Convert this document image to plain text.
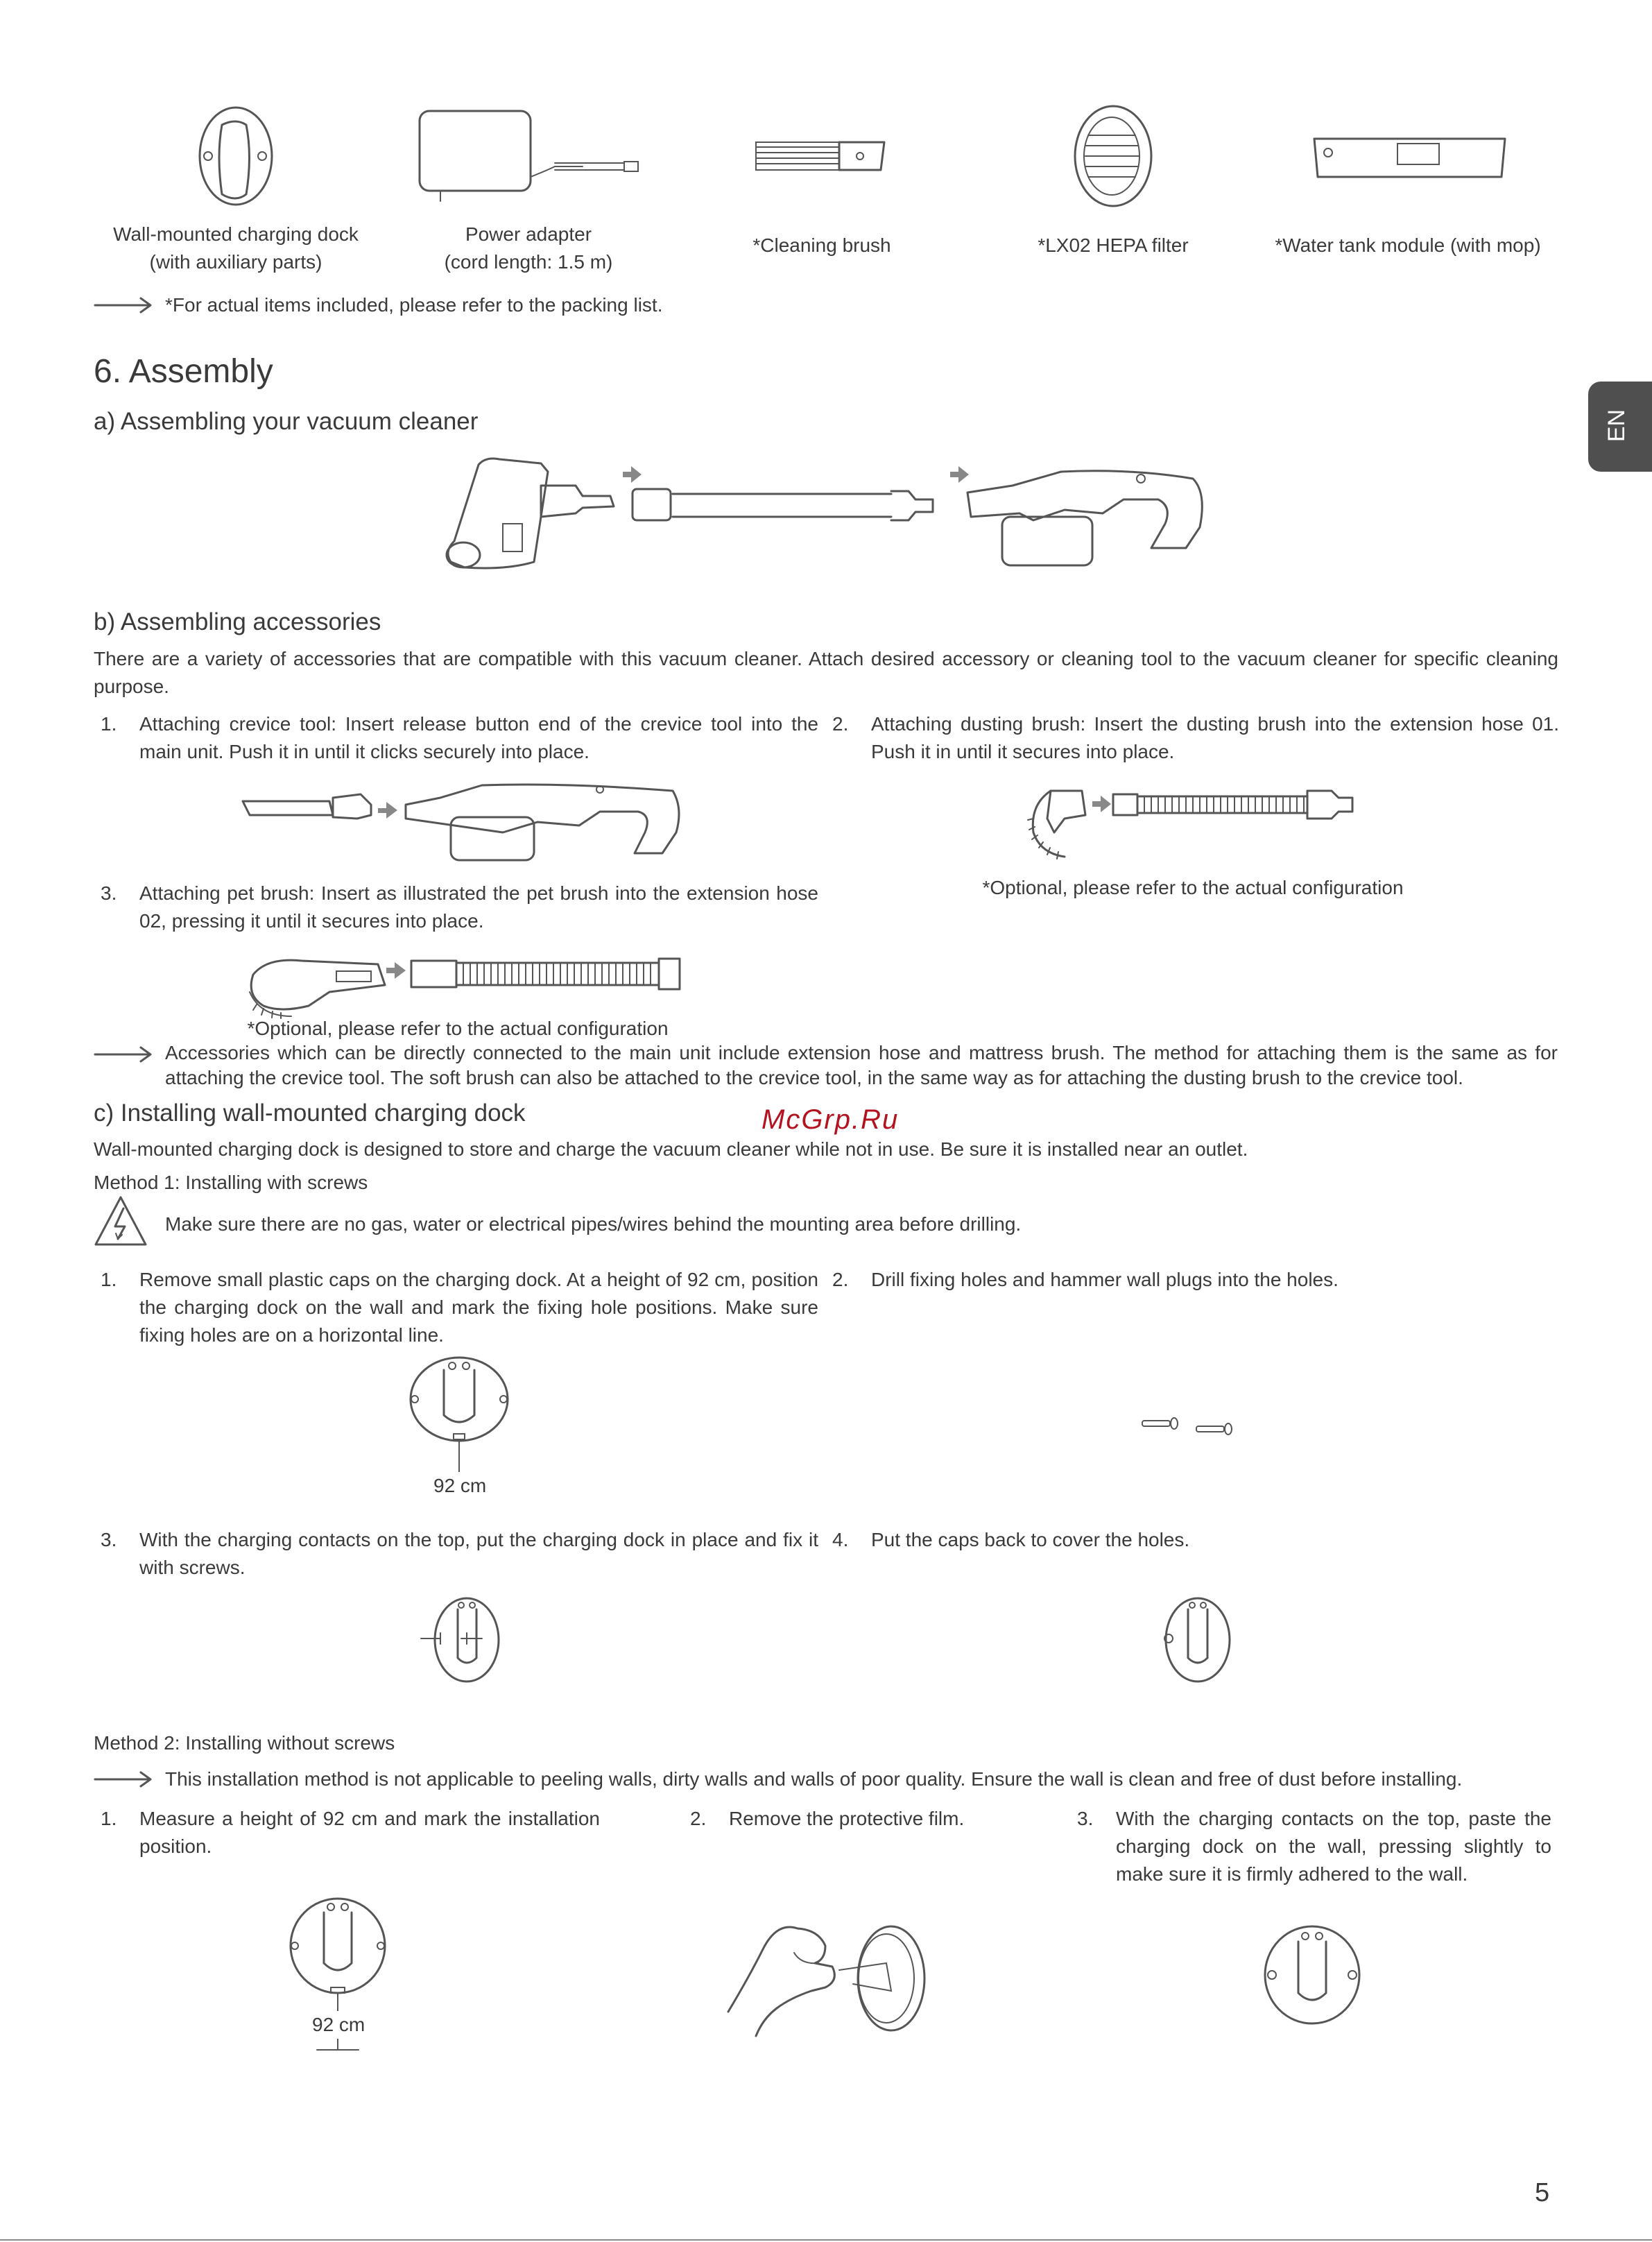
Wall-mounted charging dock
(with auxiliary parts)
Power adapter
(cord length: 1.5 m)
*Cleaning brush	*LX02 HEPA filter	*Water tank module (with mop)
*For actual items included, please refer to the packing list.
EN
6. Assembly
a) Assembling your vacuum cleaner
b) Assembling accessories
There are a variety of accessories that are compatible with this vacuum cleaner. Attach desired accessory or cleaning tool to the vacuum cleaner for specific cleaning purpose.
1. Attaching crevice tool: Insert release button end of the crevice tool into the main unit. Push it in until it clicks securely into place.
2. Attaching dusting brush: Insert the dusting brush into the extension hose 01. Push it in until it secures into place.
3. Attaching pet brush: Insert as illustrated the pet brush into the extension hose 02, pressing it until it secures into place.
*Optional, please refer to the actual configuration
*Optional, please refer to the actual configuration
Accessories which can be directly connected to the main unit include extension hose and mattress brush. The method for attaching them is the same as for attaching the crevice tool. The soft brush can also be attached to the crevice tool, in the same way as for attaching the dusting brush to the crevice tool.
c) Installing wall-mounted charging dock	McGrp.Ru
Wall-mounted charging dock is designed to store and charge the vacuum cleaner while not in use. Be sure it is installed near an outlet.
Method 1: Installing with screws
Make sure there are no gas, water or electrical pipes/wires behind the mounting area before drilling.
1. Remove small plastic caps on the charging dock. At a height of 92 cm, position the charging dock on the wall and mark the fixing hole positions. Make sure fixing holes are on a horizontal line.
2. Drill fixing holes and hammer wall plugs into the holes.
92 cm
3. With the charging contacts on the top, put the charging dock in place and fix it with screws.
4. Put the caps back to cover the holes.
Method 2: Installing without screws
This installation method is not applicable to peeling walls, dirty walls and walls of poor quality. Ensure the wall is clean and free of dust before installing.
1. Measure a height of 92 cm and mark the installation position.
2. Remove the protective film.	3. With the charging contacts on the top, paste the charging dock on the wall, pressing slightly to make sure it is firmly adhered to the wall.
92 cm
5
